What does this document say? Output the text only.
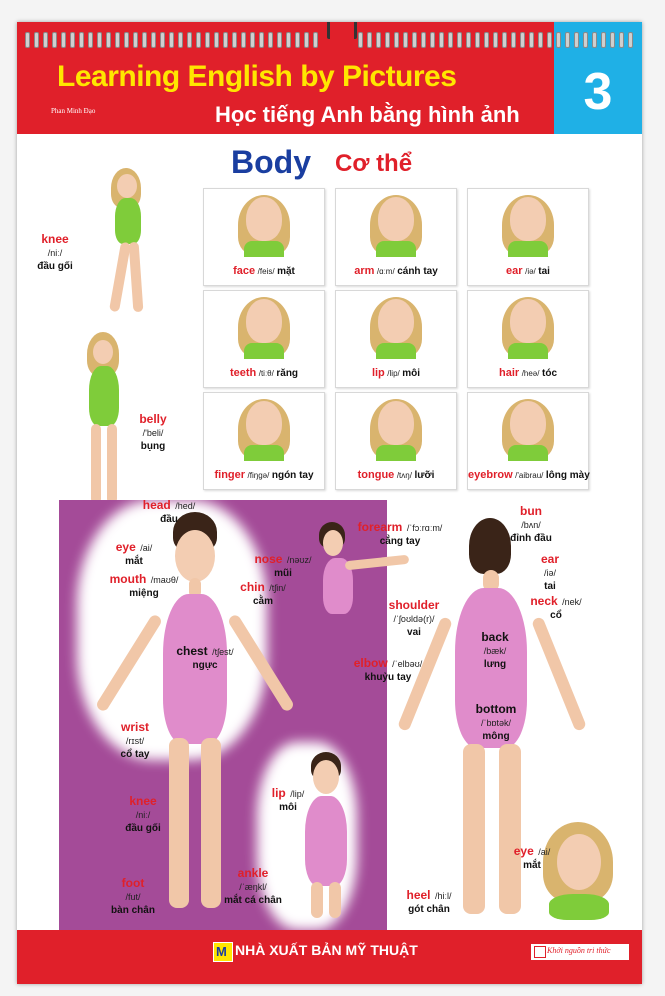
Learning English by Pictures
Phan Minh Đạo	Học tiếng Anh bằng hình ảnh 3
Body Cơ thể
face /feis/ mặt	arm /ɑːm/ cánh tay	ear /iə/ tai
teeth /tiːθ/ răng	lip /lip/ môi	hair /heə/ tóc
finger /fiŋgə/ ngón tay	tongue /tʌŋ/ lưỡi	eyebrow /'aibrau/ lông mày
knee
/niː/
đầu gối
belly
/'beli/
bụng
head /hed/
đầu
eye /ai/
mắt
mouth /maʊθ/
miệng
nose /nəʊz/
mũi
chin /tʃin/
cằm
chest /tʃest/
ngực
wrist
/rɪst/
cổ tay
knee
/niː/
đầu gối
foot
/fut/
bàn chân
ankle
/ˈæŋkl/
mắt cá chân
lip /lip/
môi
forearm /ˈfɔːrɑːm/
cẳng tay
shoulder
/ˈʃoʊldə(r)/
vai
elbow /ˈelbəʊ/
khuỷu tay
bun
/bʌn/
đỉnh đầu
ear
/iə/
tai
neck /nek/
cổ
back
/bæk/
lưng
bottom
/ˈbɒtək/
mông
eye /ai/
mắt
heel /hiːl/
gót chân
M NHÀ XUẤT BẢN MỸ THUẬT	Khởi nguồn tri thức
